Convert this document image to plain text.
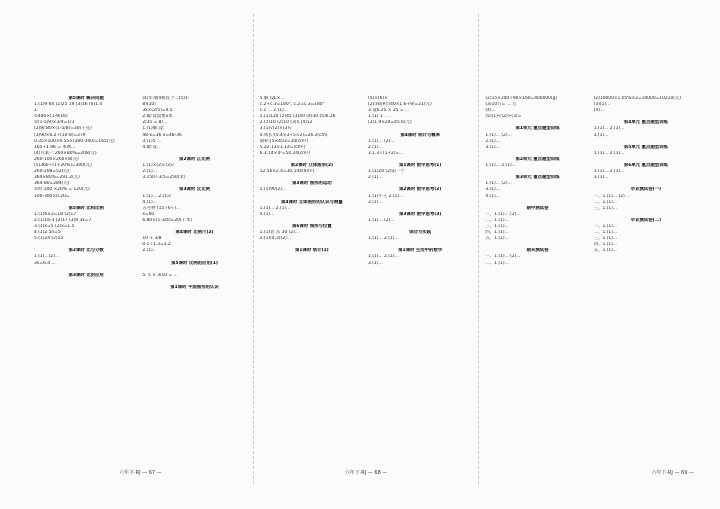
第5课时 解决问题
1.(1)9 64 (2)25 19 (3)16 (4)1.4
2.
①480×(1-9/16)
②(1-5/9)×3/4=1/3
(2)解:80×(1-5/8)=30(千克)
(3)90×6.2÷(10-8)=279
0.35×100×0.55×(300-300)=165(元)
165+1.96 = 本例...
(4)方案一:260×80%=208(元)
260-100×260×8(元)
(5)360÷(1+20%)=300(元)
260-208=52(元)
364×80%=291.2(元)
364-80=284(元)
②时:100 ×20% = 120(元)
100-300×0.20=

第5课时 比和比例
1.(1)6×3=18 (2)17
2.(1)16-3 (2)17 (3)9 3x=7
3.(1)x=5 (2)x=1.5
4.(1)2.5n=5
5.(1)24 (2)15

第2课时 比与分数
1.(1)...(2)...
3x=6.4 ...

第3课时 比的应用
(4)①;极4相连个..;(5)①
8)(10)
3x×(2/5)=4.5
2.解:设需要x本
2/35 = 8/...
1.(1)解:设:
48-x=36 x=48-36
3.(1)5 ...
4.解:设..

第2课时 正比例
1.(1)×(2)√(3)√
2.(1)...
3.150÷3/5=250(米)

第3课时 反比例
1.(1)... 2.(1)√
4.(1)...
五号物 (15÷6÷)...
x=60
6.80×(1-3/4)=20(千米)

第4课时 比例尺(2)
10 + 3/8
0.1÷1.3=3.2
2.(1)..

第5课时 比例的应用(1)

5. 5 × 3/10 = ...

第1课时 平面图形的认识
六年下·RJ — 67 —
5.解:设L×...
c.2+c.3=180°, c.2=c.3=180°
c.1 ... 2.(1)...
1.(1)120 (2)45 (3)40 (4)30 (5)6.26
2.(1)10 (2)10 (3)5 (4)12
3.(1)√(2)×(3)√
4.周长:(5.4×3+5×2)=26.2(cm)
面积:(5×4)/2=10(cm²)
5.22.13×1.14=(cm²)
6.3.14×4²=50.24(cm²)

第2课时 立体图形(2)
12.56×2.4=30.144(dm²)

第3课时 图形的运动
1.(1)90(2)...

第4课时 立体图形的认识与测量
1.(1)... 2.(1)...
5.(1)...

第6课时 图形与位置
1.(1)北 东 30 (2)...
2.(1)(4,3)(2)...

第1课时 统计(1)
(5)×(6)×
(2)③面积:(40×1.6+9)=21(元)
3.设6.25 × 25 = ...
1.(1) 1 . . .
(3)1.9×24=45.6(元)

第4课时 统计与概率
1.(1)... (2)...
2.(1)...
3.1.3÷(1+2)=...

第1课时 数学思考(1)
1.(1)20 (2)第一个
2.(1)...

第2课时 数学思考(2)
1.(1)小王 2.(1)...
3.(1)...

第3课时 数学思考(3)
1.(1)... (2)...

综合与实践
1.(1)... 2.(1)...

第1课时 生活中的数学
1.(1)... 2.(1)...
3.(1)...
六年下·RJ — 68 —
(2)15×200÷90×160=400000(g)
(3)10万= ... 万
(4)...
(5)(1)<(2)>(3)=

第1单元 重点题型训练
1.(1)... (2)...
2.(1)...
3.(1)...

第2单元 重点题型训练
1.(1)... 2.(1)...

第3单元 重点题型训练
1.(1)... (2)...
3.(1)...
4.(1)...

期中测试卷
一、1.(1)... (2)...
二、1.(1)...
三、1.(1)...
四、1.(1)...
五、1.(1)...

期末测试卷
一、1.(1)... (2)...
二、1.(1)...
(2)10000×1.05%×2=10000=10210(元)
(3)(1)...
(4)...

第4单元 重点题型训练
1.(1)... 2.(1)...
3.(1)...

第5单元 重点题型训练
1.(1)... 2.(1)...

第6单元 重点题型训练
1.(1)... 2.(1)...
3.(1)...

毕业测试卷(一)
一、1.(1)... (2)...
二、1.(1)...
三、1.(1)...

毕业测试卷(二)
一、1.(1)...
二、1.(1)...
三、1.(1)...
四、1.(1)...
五、1.(1)...
六年下·RJ — 69 —
